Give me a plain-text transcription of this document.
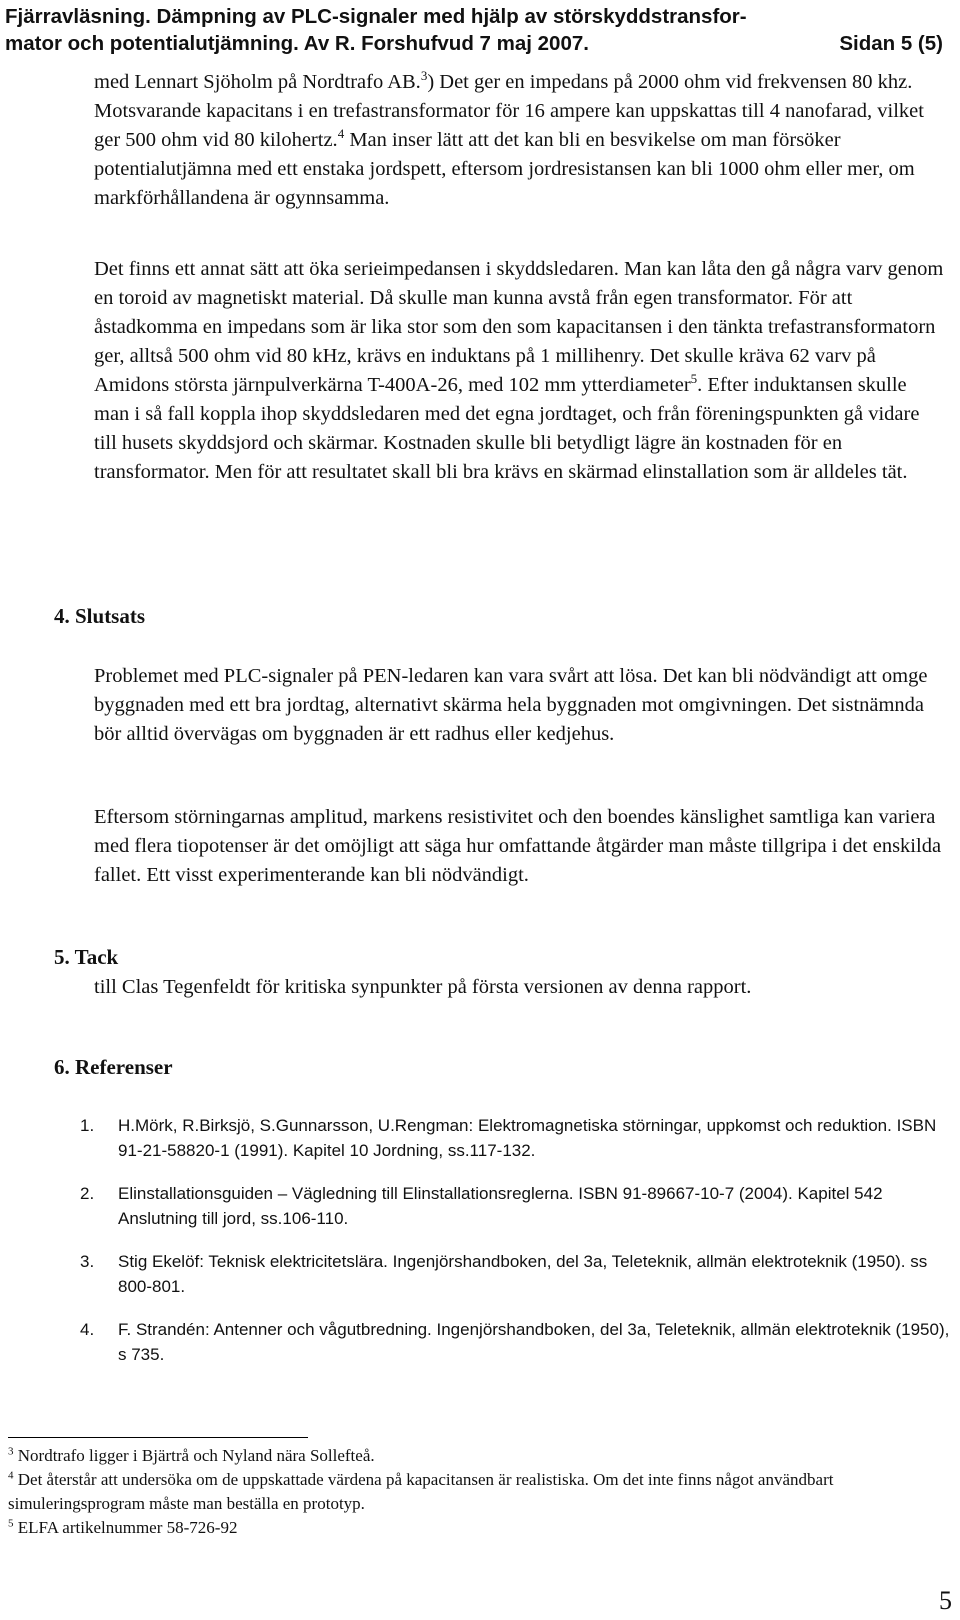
Fjärravläsning. Dämpning av PLC-signaler med hjälp av störskyddstransfor-
mator och potentialutjämning. Av R. Forshufvud 7 maj 2007.	Sidan 5 (5)

med Lennart Sjöholm på Nordtrafo AB.$^3$) Det ger en impedans på 2000 ohm vid frekvensen 80 khz. Motsvarande kapacitans i en trefastransformator för 16 ampere kan uppskattas till 4 nanofarad, vilket ger 500 ohm vid 80 kilohertz.$^4$ Man inser lätt att det kan bli en besvikelse om man försöker potentialutjämna med ett enstaka jordspett, eftersom jordresistansen kan bli 1000 ohm eller mer, om markförhållandena är ogynnsamma.

Det finns ett annat sätt att öka serieimpedansen i skyddsledaren. Man kan låta den gå några varv genom en toroid av magnetiskt material. Då skulle man kunna avstå från egen transformator. För att åstadkomma en impedans som är lika stor som den som kapacitansen i den tänkta trefastransformatorn ger, alltså 500 ohm vid 80 kHz, krävs en induktans på 1 millihenry. Det skulle kräva 62 varv på Amidons största järnpulverkärna T-400A-26, med 102 mm ytterdiameter$^5$. Efter induktansen skulle man i så fall koppla ihop skyddsledaren med det egna jordtaget, och från föreningspunkten gå vidare till husets skyddsjord och skärmar. Kostnaden skulle bli betydligt lägre än kostnaden för en transformator. Men för att resultatet skall bli bra krävs en skärmad elinstallation som är alldeles tät.

4. Slutsats

Problemet med PLC-signaler på PEN-ledaren kan vara svårt att lösa. Det kan bli nödvändigt att omge byggnaden med ett bra jordtag, alternativt skärma hela byggnaden mot omgivningen. Det sistnämnda bör alltid övervägas om byggnaden är ett radhus eller kedjehus.

Eftersom störningarnas amplitud, markens resistivitet och den boendes känslighet samtliga kan variera med flera tiopotenser är det omöjligt att säga hur omfattande åtgärder man måste tillgripa i det enskilda fallet. Ett visst experimenterande kan bli nödvändigt.

5. Tack
till Clas Tegenfeldt för kritiska synpunkter på första versionen av denna rapport.
6. Referenser
1. H.Mörk, R.Birksjö, S.Gunnarsson, U.Rengman: Elektromagnetiska störningar, uppkomst och reduktion. ISBN 91-21-58820-1 (1991). Kapitel 10 Jordning, ss.117-132.
2. Elinstallationsguiden – Vägledning till Elinstallationsreglerna. ISBN 91-89667-10-7 (2004). Kapitel 542 Anslutning till jord, ss.106-110.
3. Stig Ekelöf: Teknisk elektricitetslära. Ingenjörshandboken, del 3a, Teleteknik, allmän elektroteknik (1950). ss 800-801.
4. F. Strandén: Antenner och vågutbredning. Ingenjörshandboken, del 3a, Teleteknik, allmän elektroteknik (1950), s 735.

$^3$ Nordtrafo ligger i Bjärtrå och Nyland nära Sollefteå.

$^4$ Det återstår att undersöka om de uppskattade värdena på kapacitansen är realistiska. Om det inte finns något användbart simuleringsprogram måste man beställa en prototyp.

$^5$ ELFA artikelnummer 58-726-92

5
